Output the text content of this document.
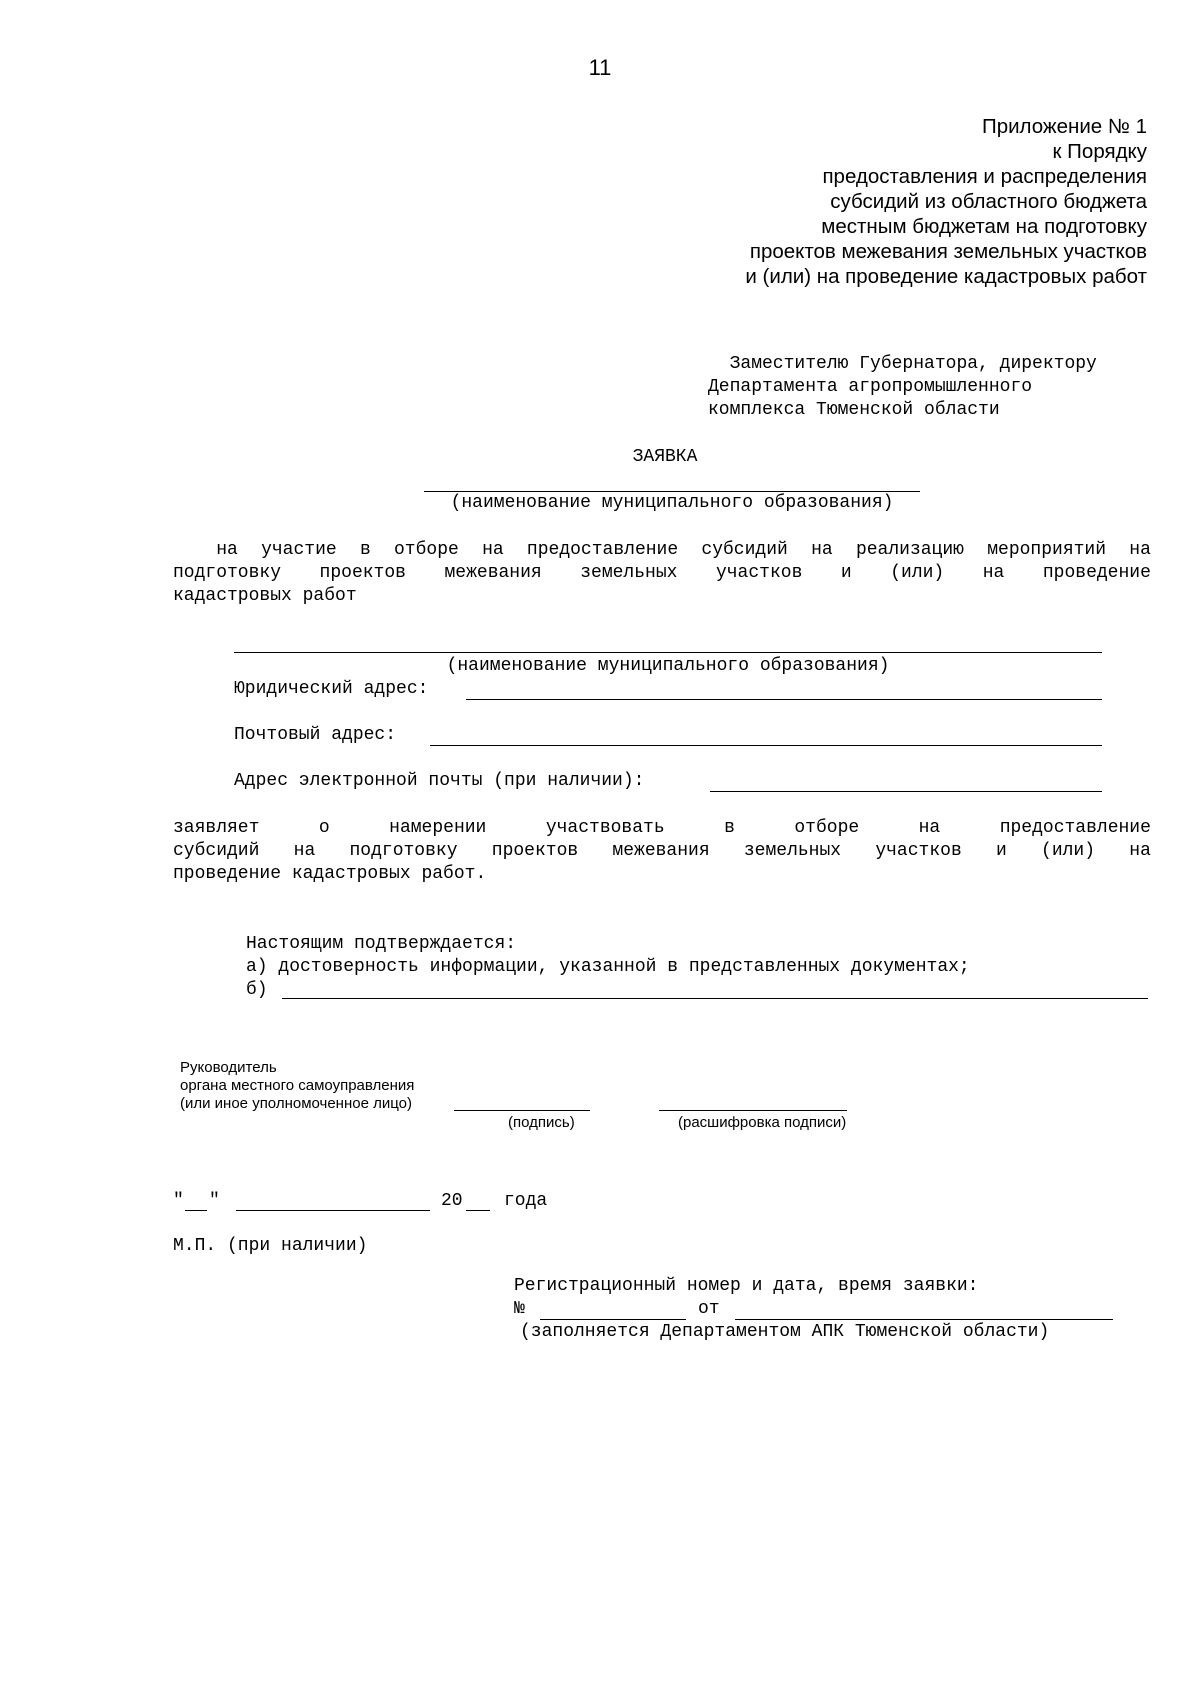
11
Приложение № 1
к Порядку
предоставления и распределения
субсидий из областного бюджета
местным бюджетам на подготовку
проектов межевания земельных участков
и (или) на проведение кадастровых работ
Заместителю Губернатора, директору
Департамента агропромышленного
комплекса Тюменской области
ЗАЯВКА
(наименование муниципального образования)
на участие в отборе на предоставление субсидий на реализацию мероприятий на
подготовку проектов межевания земельных участков и (или) на проведение
кадастровых работ
(наименование муниципального образования)
Юридический адрес:
Почтовый адрес:
Адрес электронной почты (при наличии):
заявляет	о	намерении	участвовать	в	отборе	на	предоставление
субсидий на подготовку проектов межевания земельных участков и (или) на
проведение кадастровых работ.
Настоящим подтверждается:
а) достоверность информации, указанной в представленных документах;
б)
Руководитель
органа местного самоуправления
(или иное уполномоченное лицо)
(подпись)	(расшифровка подписи)
" "	20 года
М.П. (при наличии)
Регистрационный номер и дата, время заявки:
№	от
(заполняется Департаментом АПК Тюменской области)
